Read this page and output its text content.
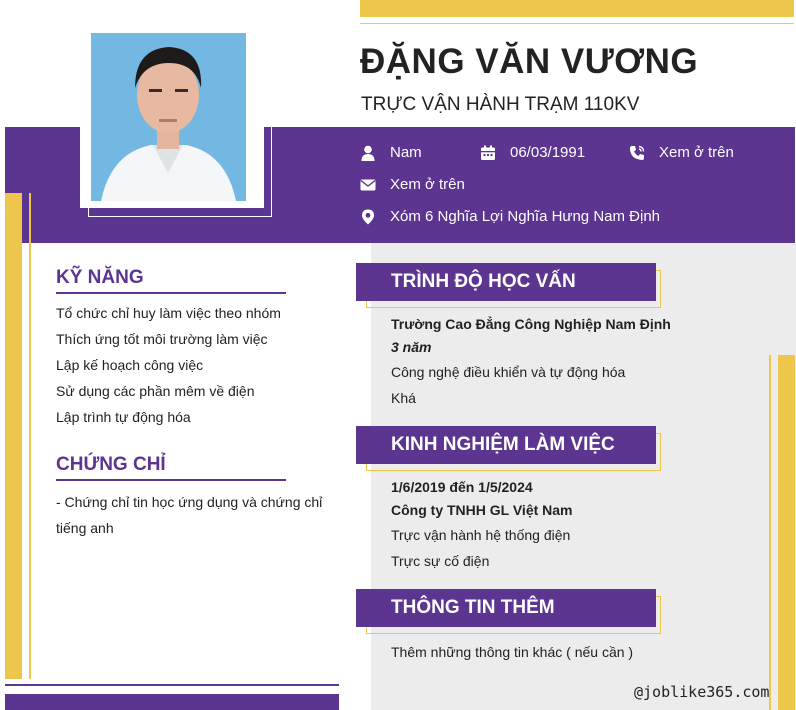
ĐẶNG VĂN VƯƠNG
TRỰC VẬN HÀNH TRẠM 110KV
Nam	06/03/1991	Xem ở trên
Xem ở trên
Xóm 6 Nghĩa Lợi Nghĩa Hưng Nam Định
KỸ NĂNG
Tổ chức chỉ huy làm việc theo nhóm
Thích ứng tốt môi trường làm việc
Lập kế hoạch công việc
Sử dụng các phần mêm về điện
Lập trình tự động hóa
CHỨNG CHỈ
- Chứng chỉ tin học ứng dụng và chứng chỉ tiếng anh
TRÌNH ĐỘ HỌC VẤN
Trường Cao Đẳng Công Nghiệp Nam Định
3 năm
Công nghệ điều khiển và tự động hóa
Khá
KINH NGHIỆM LÀM VIỆC
1/6/2019 đến 1/5/2024
Công ty TNHH GL Việt Nam
Trực vận hành hệ thống điện
Trực sự cố điện
THÔNG TIN THÊM
Thêm những thông tin khác ( nếu cần )
@joblike365.com
